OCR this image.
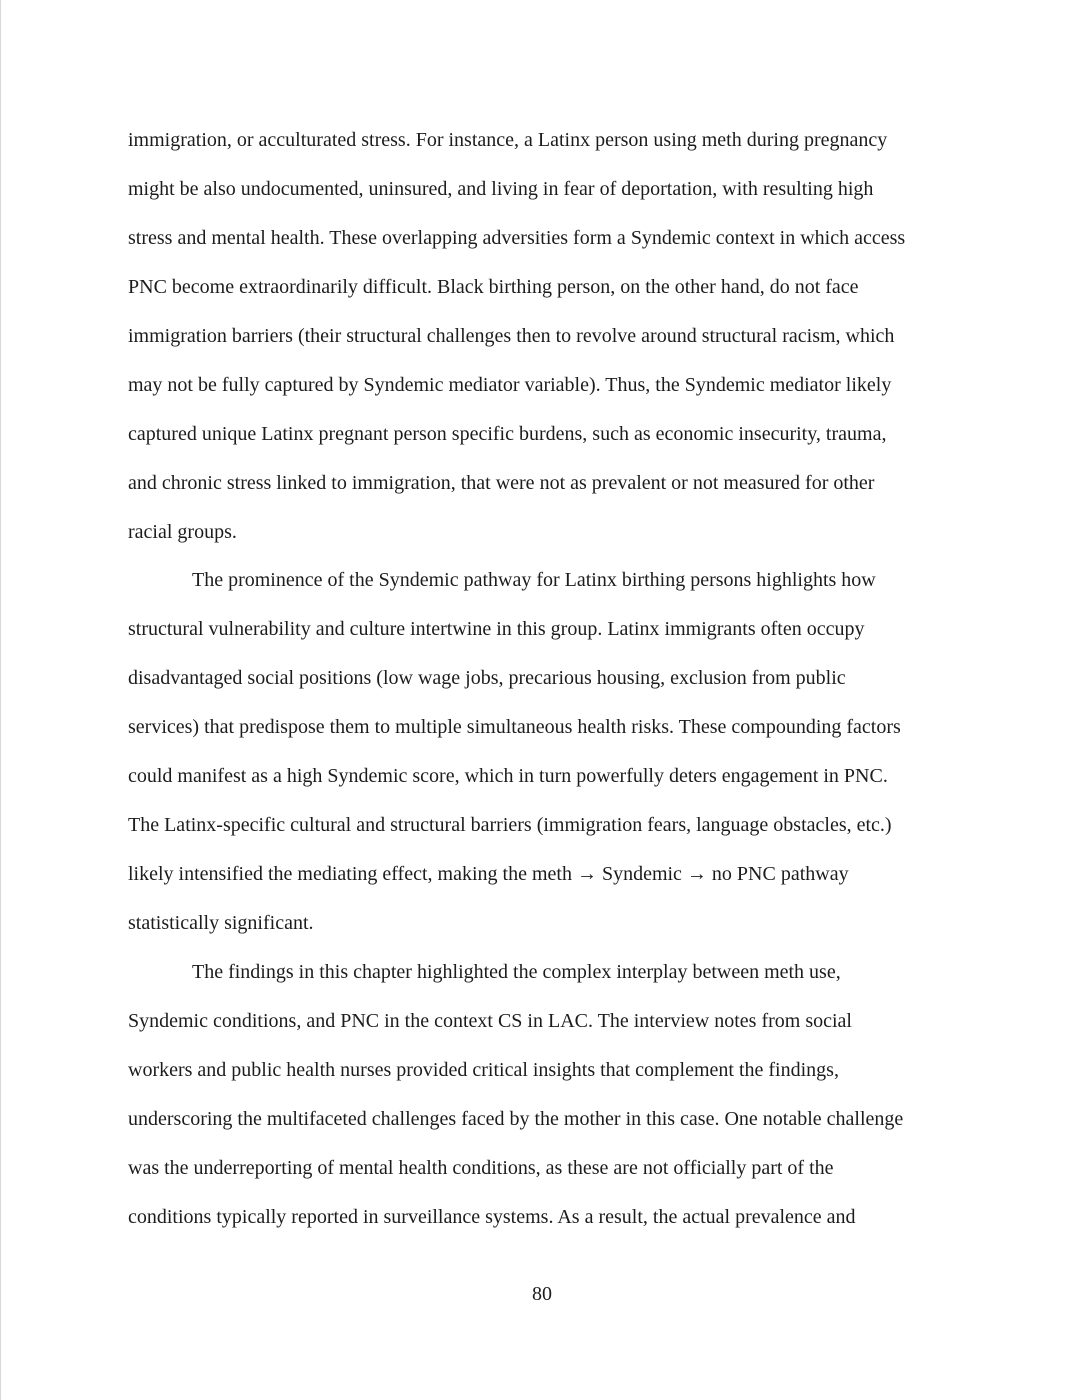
immigration, or acculturated stress. For instance, a Latinx person using meth during pregnancy
might be also undocumented, uninsured, and living in fear of deportation, with resulting high
stress and mental health. These overlapping adversities form a Syndemic context in which access
PNC become extraordinarily difficult. Black birthing person, on the other hand, do not face
immigration barriers (their structural challenges then to revolve around structural racism, which
may not be fully captured by Syndemic mediator variable). Thus, the Syndemic mediator likely
captured unique Latinx pregnant person specific burdens, such as economic insecurity, trauma,
and chronic stress linked to immigration, that were not as prevalent or not measured for other
racial groups.
The prominence of the Syndemic pathway for Latinx birthing persons highlights how
structural vulnerability and culture intertwine in this group. Latinx immigrants often occupy
disadvantaged social positions (low wage jobs, precarious housing, exclusion from public
services) that predispose them to multiple simultaneous health risks. These compounding factors
could manifest as a high Syndemic score, which in turn powerfully deters engagement in PNC.
The Latinx-specific cultural and structural barriers (immigration fears, language obstacles, etc.)
likely intensified the mediating effect, making the meth → Syndemic → no PNC pathway
statistically significant.
The findings in this chapter highlighted the complex interplay between meth use,
Syndemic conditions, and PNC in the context CS in LAC. The interview notes from social
workers and public health nurses provided critical insights that complement the findings,
underscoring the multifaceted challenges faced by the mother in this case. One notable challenge
was the underreporting of mental health conditions, as these are not officially part of the
conditions typically reported in surveillance systems. As a result, the actual prevalence and
80
